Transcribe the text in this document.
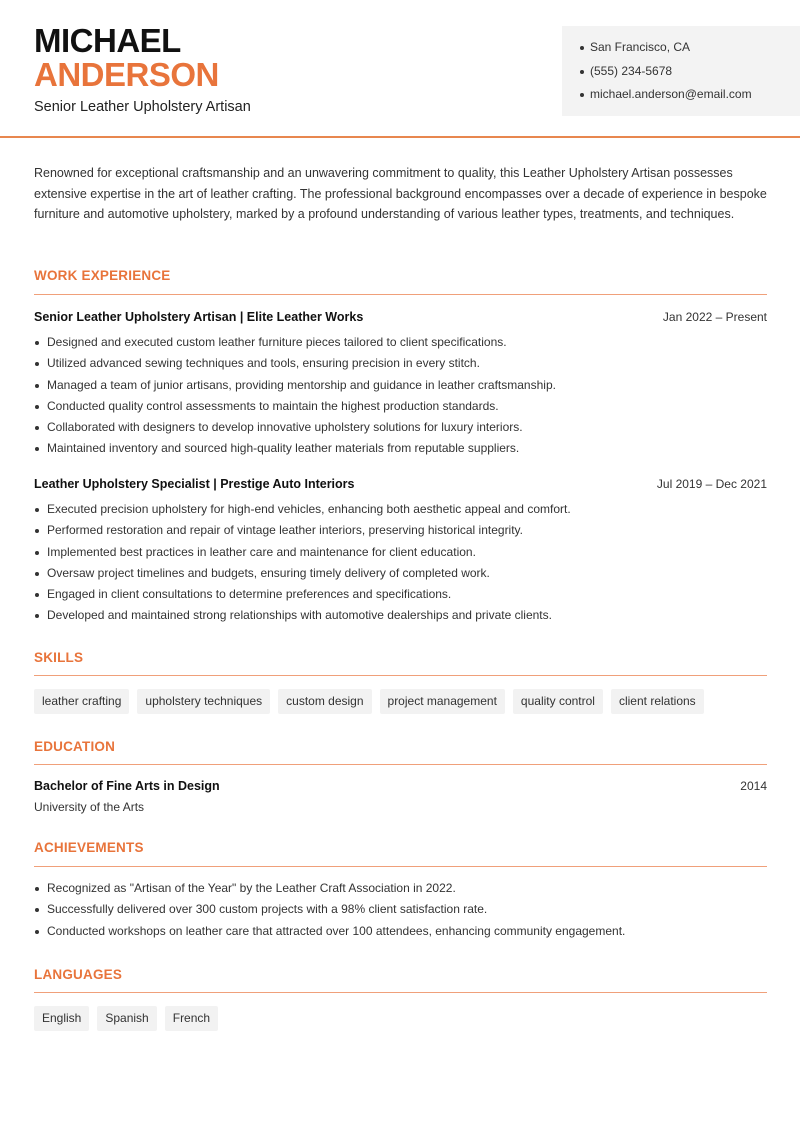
MICHAEL
ANDERSON
Senior Leather Upholstery Artisan
San Francisco, CA
(555) 234-5678
michael.anderson@email.com

Renowned for exceptional craftsmanship and an unwavering commitment to quality, this Leather Upholstery Artisan possesses extensive expertise in the art of leather crafting. The professional background encompasses over a decade of experience in bespoke furniture and automotive upholstery, marked by a profound understanding of various leather types, treatments, and techniques.

WORK EXPERIENCE
Senior Leather Upholstery Artisan | Elite Leather Works	Jan 2022 – Present
Designed and executed custom leather furniture pieces tailored to client specifications.
Utilized advanced sewing techniques and tools, ensuring precision in every stitch.
Managed a team of junior artisans, providing mentorship and guidance in leather craftsmanship.
Conducted quality control assessments to maintain the highest production standards.
Collaborated with designers to develop innovative upholstery solutions for luxury interiors.
Maintained inventory and sourced high-quality leather materials from reputable suppliers.
Leather Upholstery Specialist | Prestige Auto Interiors	Jul 2019 – Dec 2021
Executed precision upholstery for high-end vehicles, enhancing both aesthetic appeal and comfort.
Performed restoration and repair of vintage leather interiors, preserving historical integrity.
Implemented best practices in leather care and maintenance for client education.
Oversaw project timelines and budgets, ensuring timely delivery of completed work.
Engaged in client consultations to determine preferences and specifications.
Developed and maintained strong relationships with automotive dealerships and private clients.
SKILLS
leather crafting	upholstery techniques	custom design	project management	quality control	client relations
EDUCATION
Bachelor of Fine Arts in Design	2014
University of the Arts
ACHIEVEMENTS
Recognized as "Artisan of the Year" by the Leather Craft Association in 2022.
Successfully delivered over 300 custom projects with a 98% client satisfaction rate.
Conducted workshops on leather care that attracted over 100 attendees, enhancing community engagement.
LANGUAGES
English	Spanish	French
